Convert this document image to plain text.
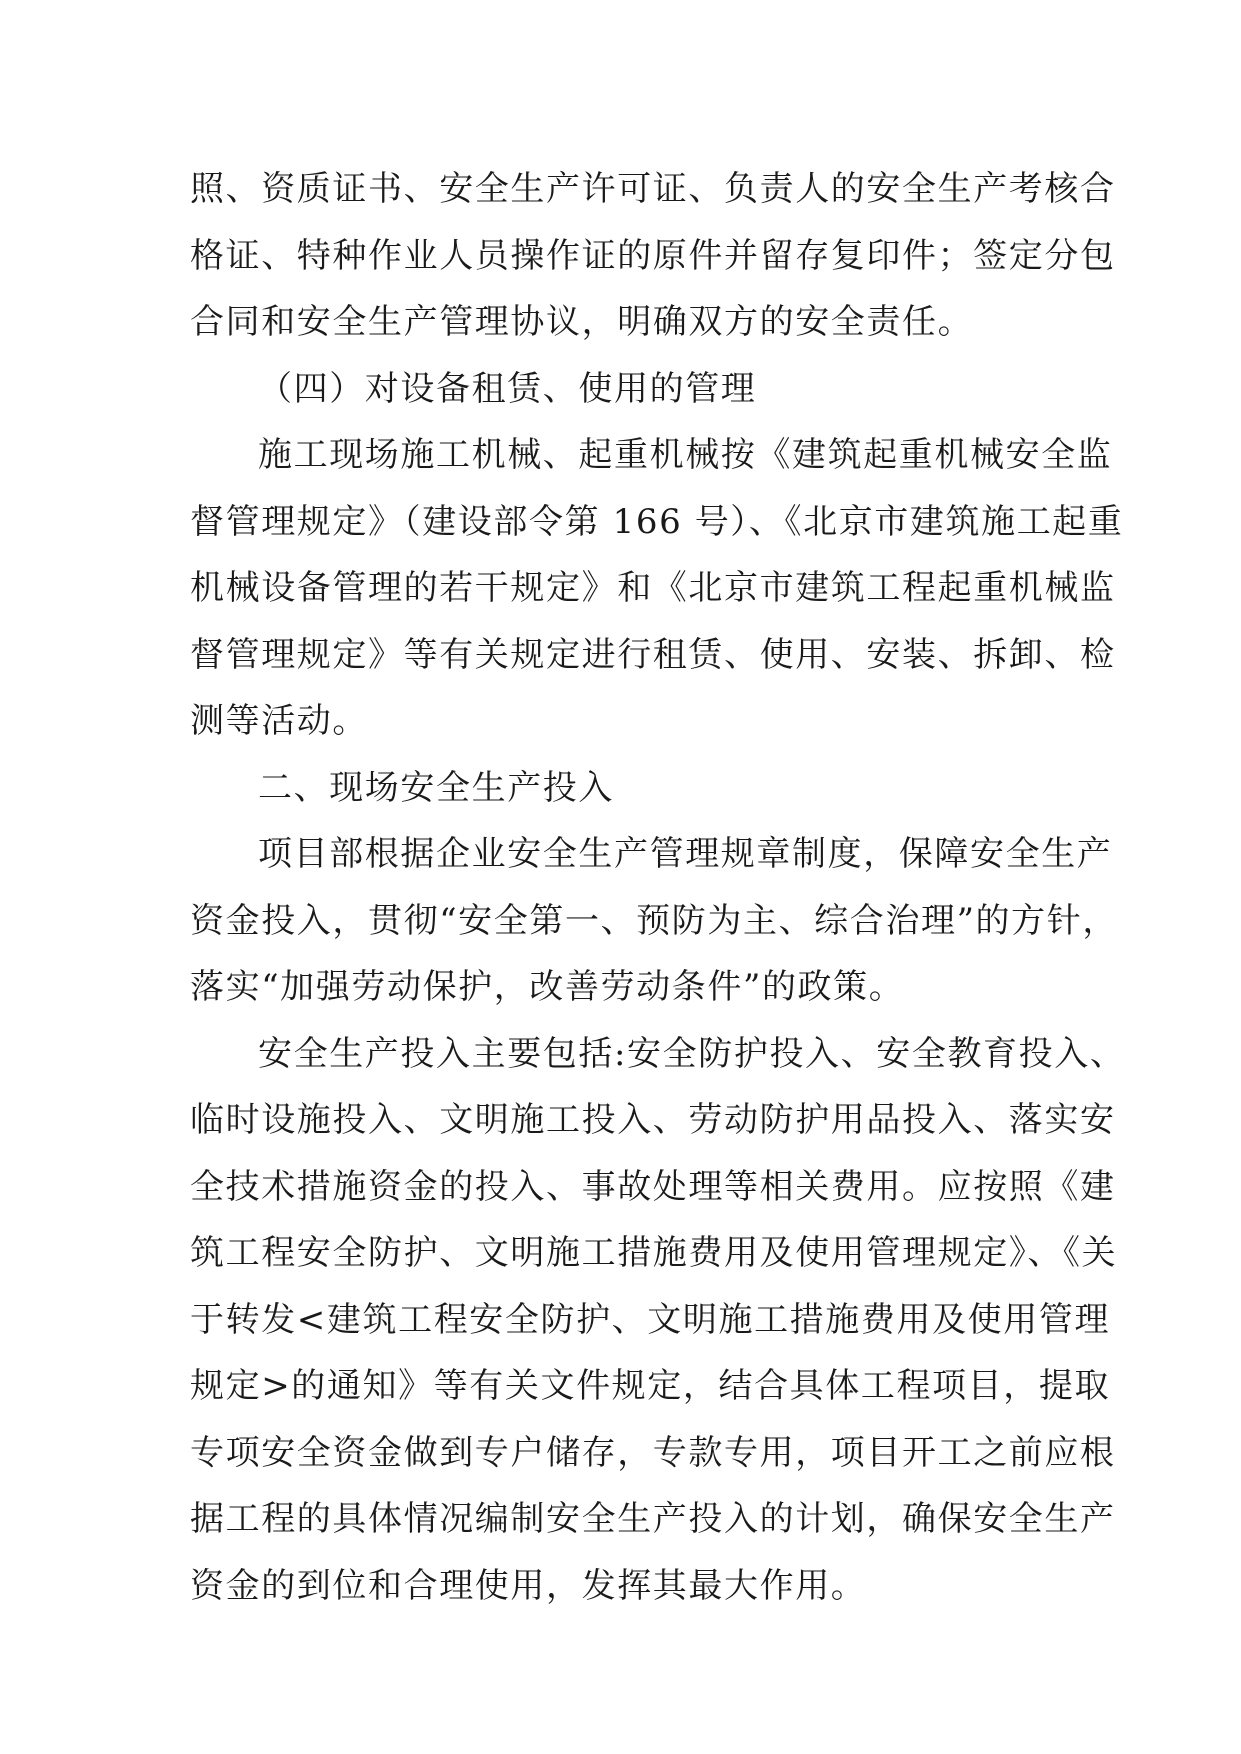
照、资质证书、安全生产许可证、负责人的安全生产考核合
格证、特种作业人员操作证的原件并留存复印件；签定分包
合同和安全生产管理协议，明确双方的安全责任。
（四）对设备租赁、使用的管理
施工现场施工机械、起重机械按《建筑起重机械安全监
督管理规定》（建设部令第 166 号）、《北京市建筑施工起重
机械设备管理的若干规定》和《北京市建筑工程起重机械监
督管理规定》等有关规定进行租赁、使用、安装、拆卸、检
测等活动。
二、现场安全生产投入
项目部根据企业安全生产管理规章制度，保障安全生产
资金投入，贯彻“安全第一、预防为主、综合治理”的方针，
落实“加强劳动保护，改善劳动条件”的政策。
安全生产投入主要包括:安全防护投入、安全教育投入、
临时设施投入、文明施工投入、劳动防护用品投入、落实安
全技术措施资金的投入、事故处理等相关费用。应按照《建
筑工程安全防护、文明施工措施费用及使用管理规定》、《关
于转发<建筑工程安全防护、文明施工措施费用及使用管理
规定>的通知》等有关文件规定，结合具体工程项目，提取
专项安全资金做到专户储存，专款专用，项目开工之前应根
据工程的具体情况编制安全生产投入的计划，确保安全生产
资金的到位和合理使用，发挥其最大作用。
